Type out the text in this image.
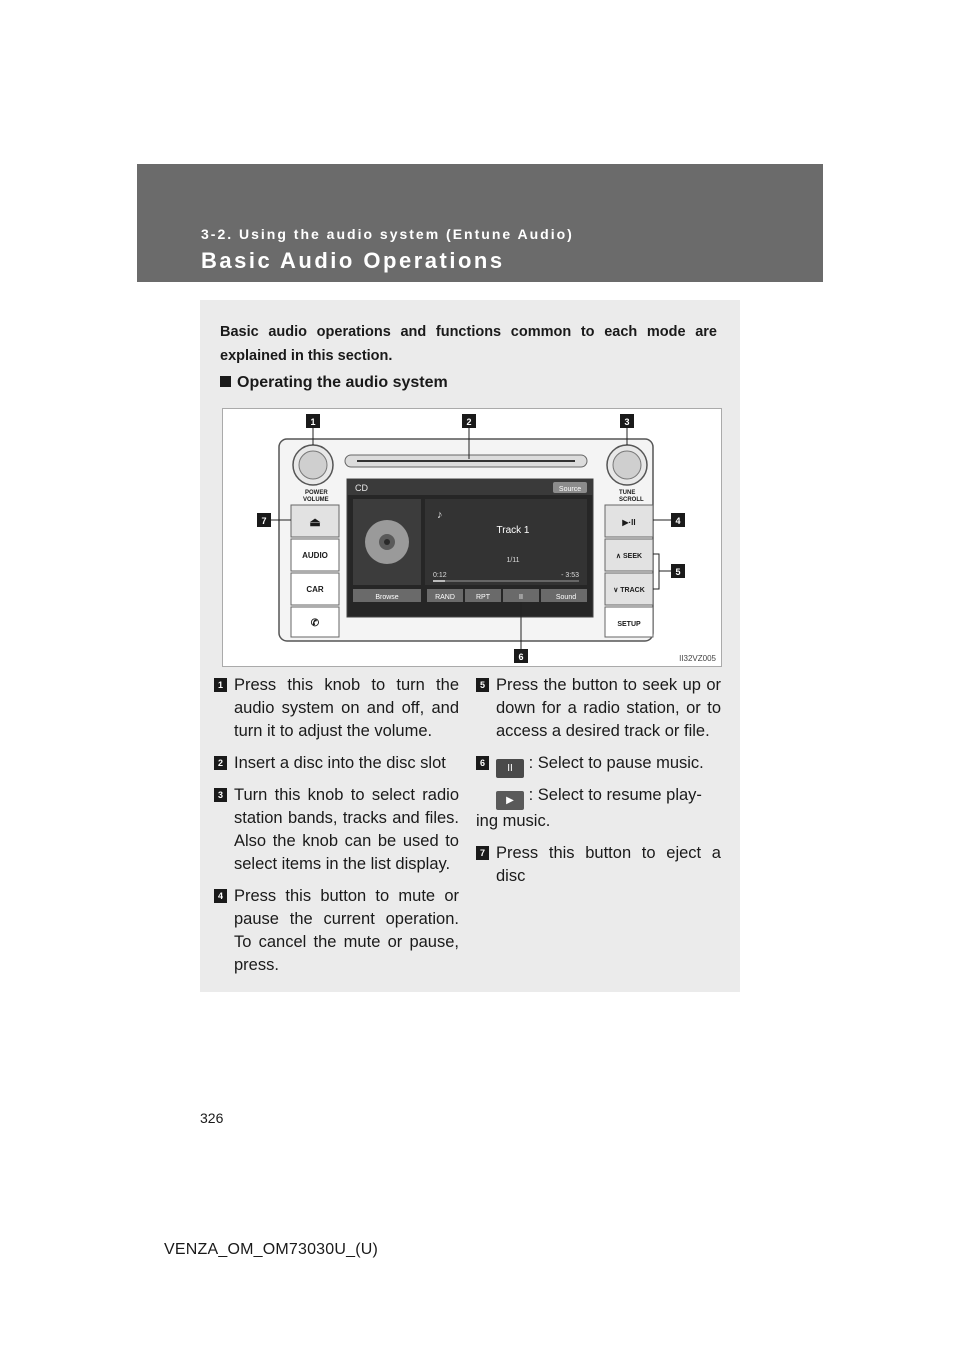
3-2. Using the audio system (Entune Audio)
Basic Audio Operations
Basic audio operations and functions common to each mode are
explained in this section.
Operating the audio system
POWER
VOLUME
TUNE
SCROLL
⏏
AUDIO
CAR
✆
▶·II
∧ SEEK
∨ TRACK
SETUP
CD	Source
♪
Track 1
1/11
0:12	- 3:53
Browse	RAND	RPT	II	Sound
1	2	3
4
5
6
7
II32VZ005
1 Press this knob to turn the audio system on and off, and turn it to adjust the volume.
2 Insert a disc into the disc slot
3 Turn this knob to select radio station bands, tracks and files. Also the knob can be used to select items in the list display.
4 Press this button to mute or pause the current operation. To cancel the mute or pause, press.
5 Press the button to seek up or down for a radio station, or to access a desired track or file.
6	II : Select to pause music.
▶ : Select to resume play-
ing music.
7 Press this button to eject a disc
326
VENZA_OM_OM73030U_(U)
